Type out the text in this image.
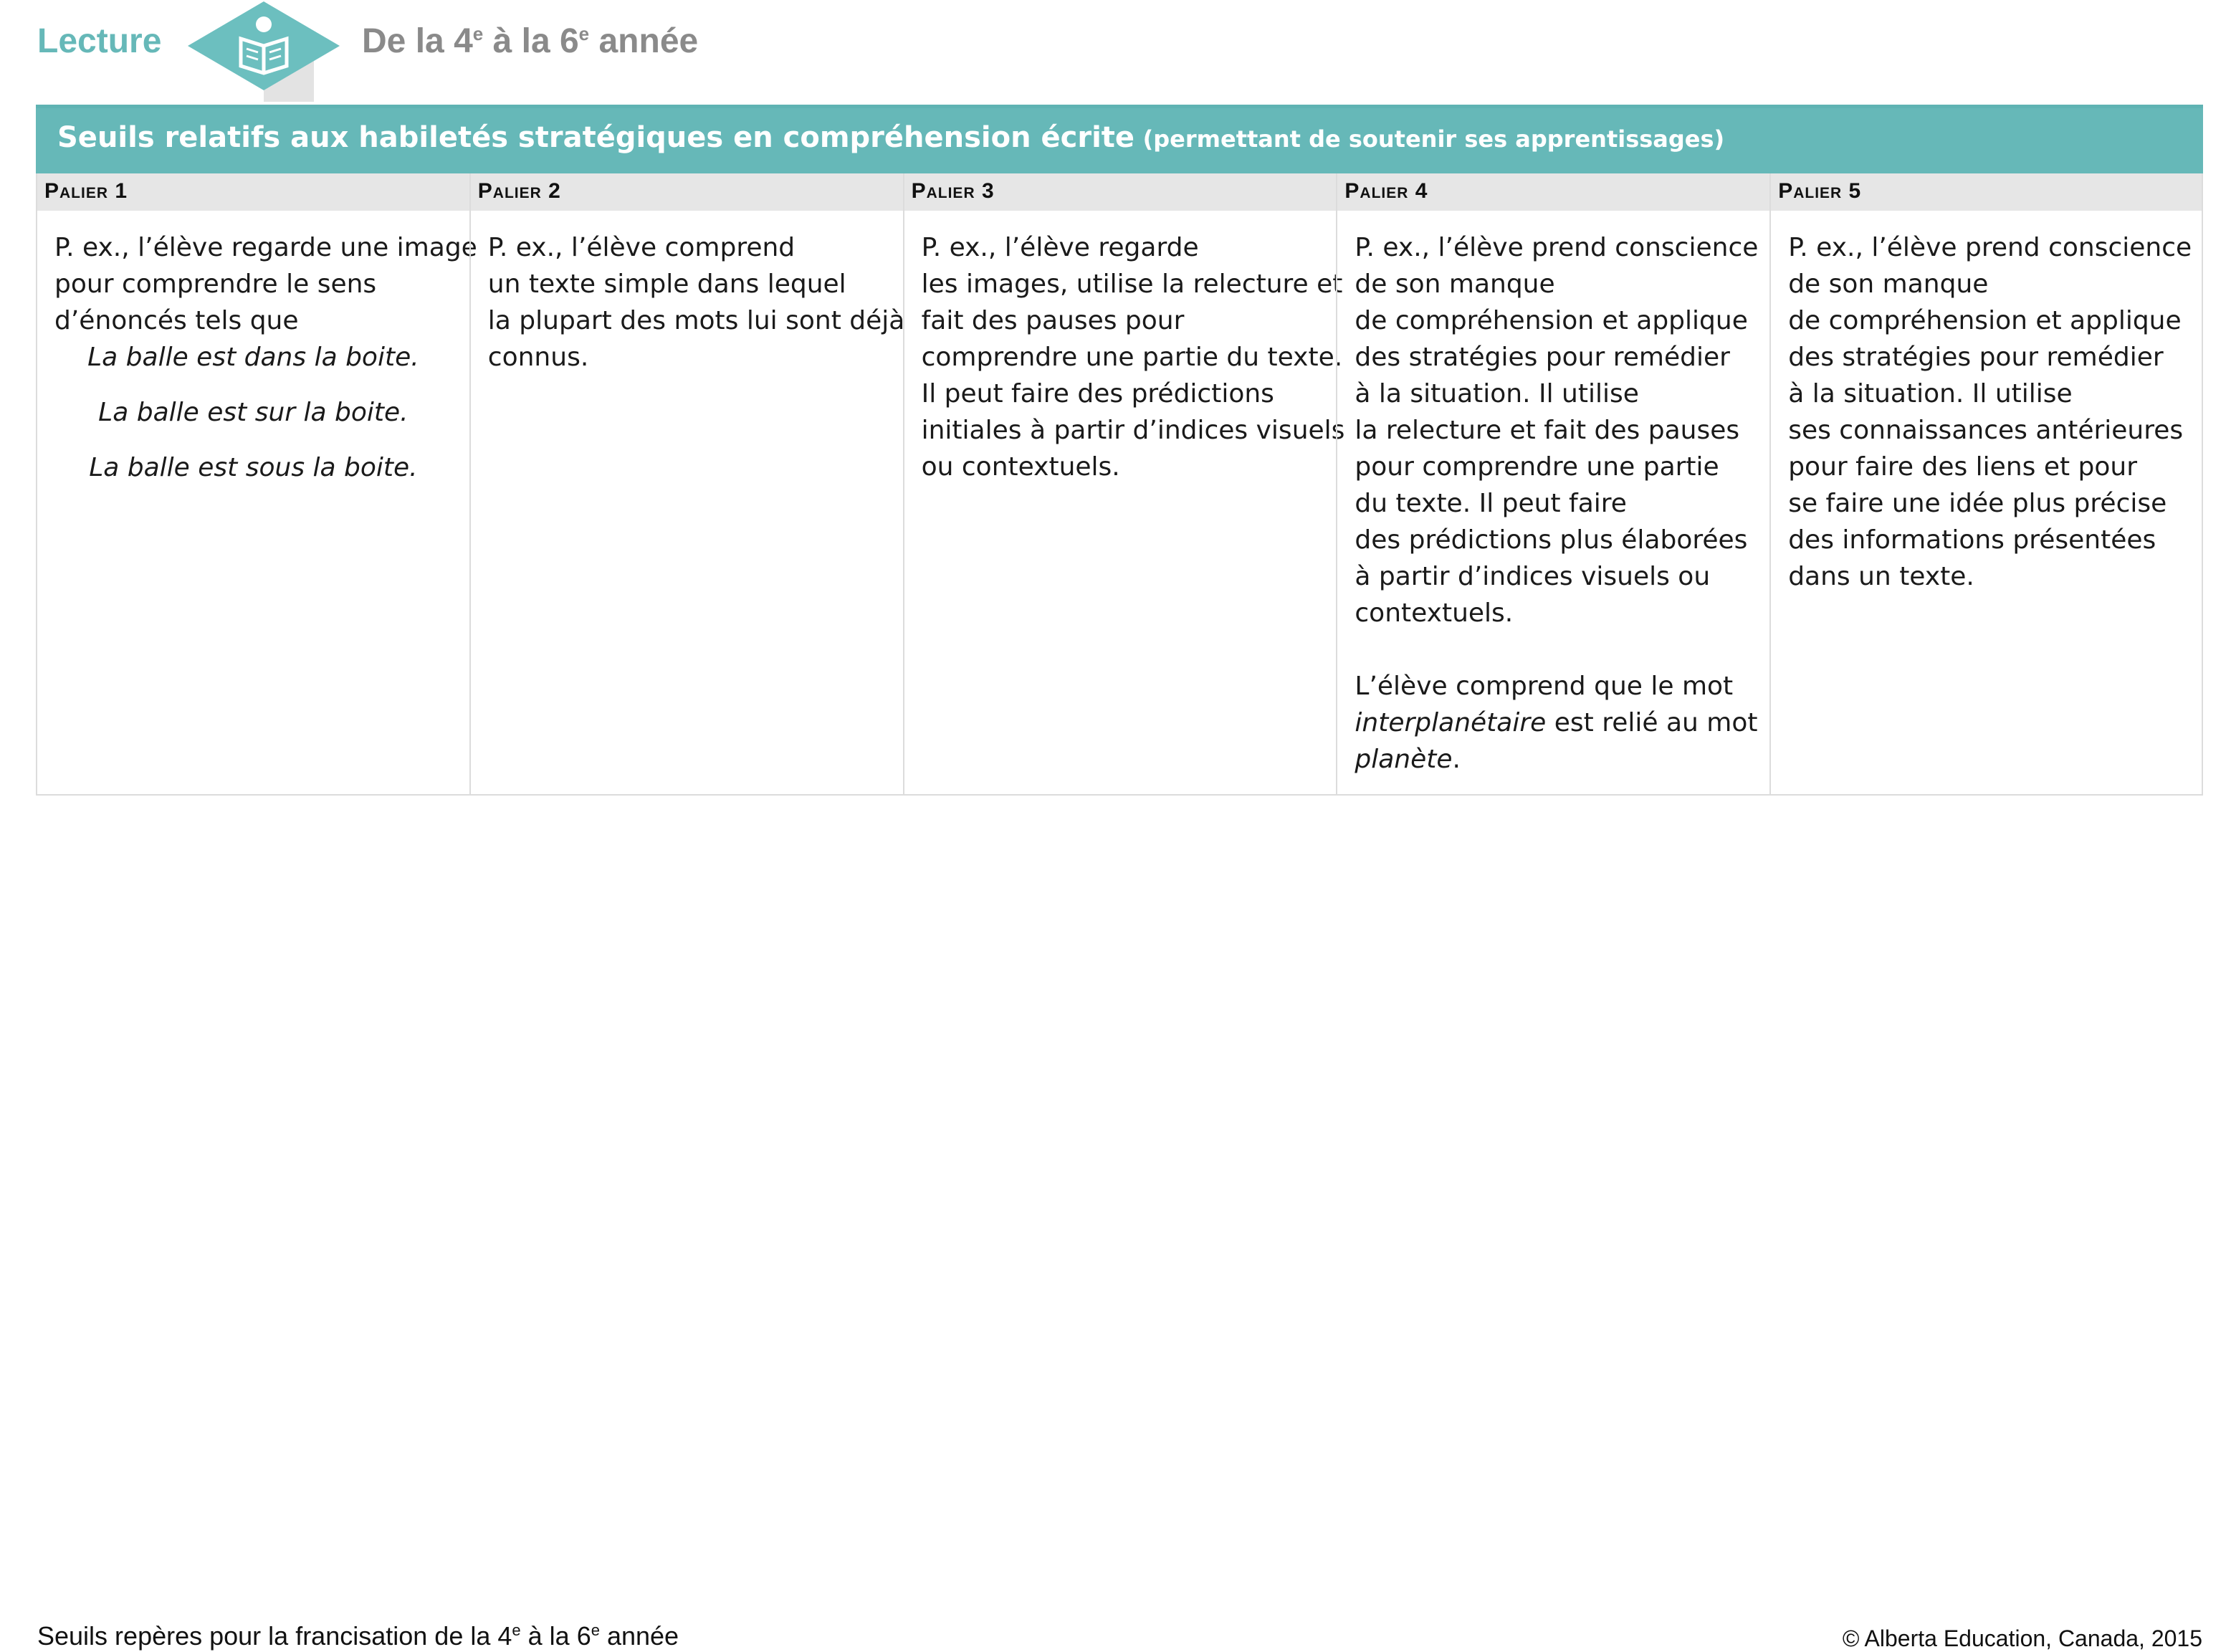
Lecture	De la 4e à la 6e année
Seuils relatifs aux habiletés stratégiques en compréhension écrite (permettant de soutenir ses apprentissages)
Palier 1
P. ex., l’élève regarde une image
pour comprendre le sens
d’énoncés tels que
La balle est dans la boite.
La balle est sur la boite.
La balle est sous la boite.
Palier 2
P. ex., l’élève comprend
un texte simple dans lequel
la plupart des mots lui sont déjà
connus.
Palier 3
P. ex., l’élève regarde
les images, utilise la relecture et
fait des pauses pour
comprendre une partie du texte.
Il peut faire des prédictions
initiales à partir d’indices visuels
ou contextuels.
Palier 4
P. ex., l’élève prend conscience
de son manque
de compréhension et applique
des stratégies pour remédier
à la situation. Il utilise
la relecture et fait des pauses
pour comprendre une partie
du texte. Il peut faire
des prédictions plus élaborées
à partir d’indices visuels ou
contextuels.
L’élève comprend que le mot
interplanétaire est relié au mot
planète.
Palier 5
P. ex., l’élève prend conscience
de son manque
de compréhension et applique
des stratégies pour remédier
à la situation. Il utilise
ses connaissances antérieures
pour faire des liens et pour
se faire une idée plus précise
des informations présentées
dans un texte.
Seuils repères pour la francisation de la 4e à la 6e année	© Alberta Education, Canada, 2015
